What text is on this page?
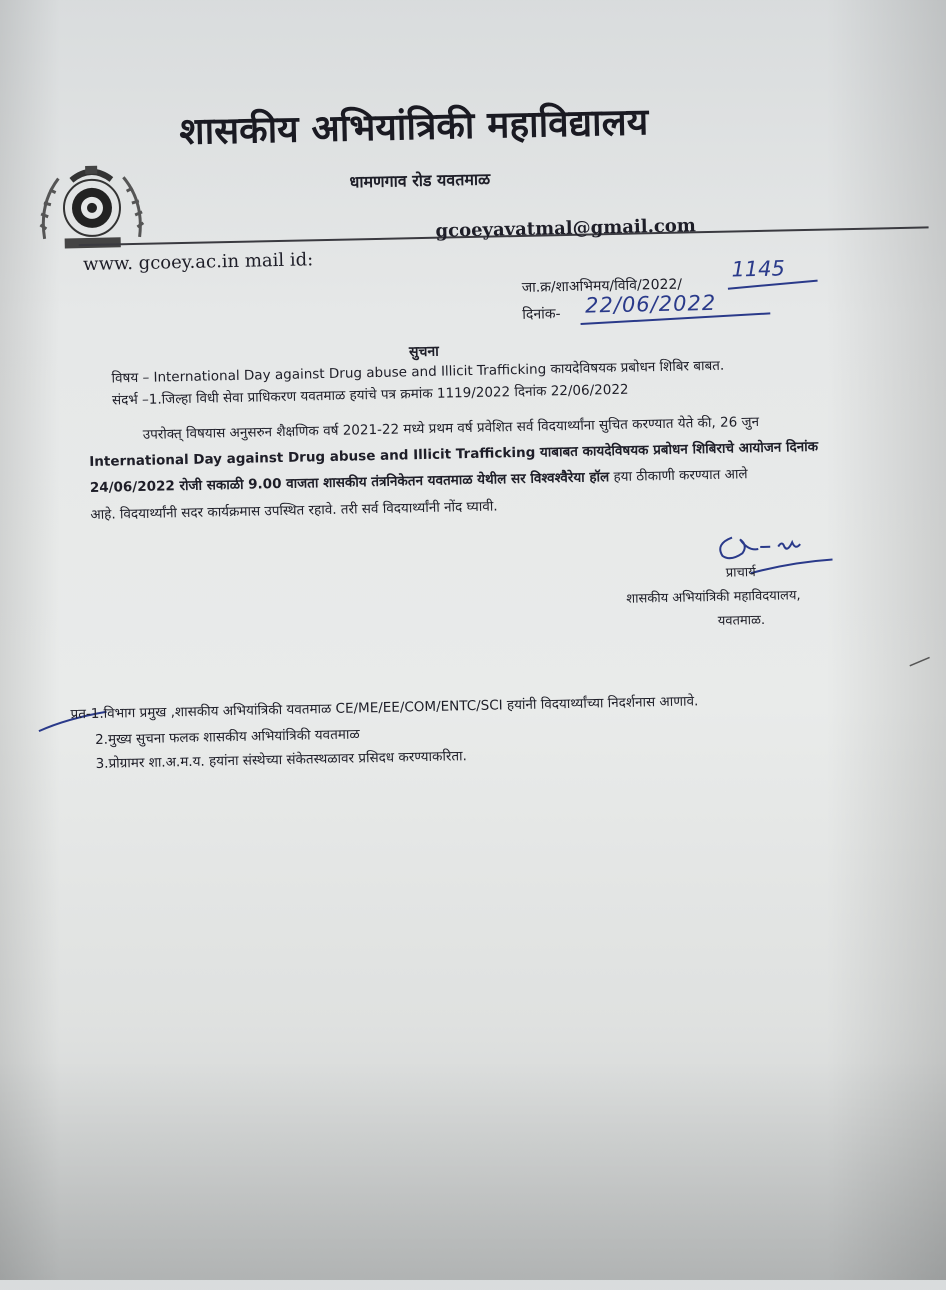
शासकीय अभियांत्रिकी महाविद्यालय
धामणगाव रोड यवतमाळ
gcoeyavatmal@gmail.com
www. gcoey.ac.in mail id:
जा.क्र/शाअभिमय/विवि/2022/
1145
दिनांक- 22/06/2022
सुचना
विषय – International Day against Drug abuse and Illicit Trafficking कायदेविषयक प्रबोधन शिबिर बाबत.
संदर्भ –1.जिल्हा विधी सेवा प्राधिकरण यवतमाळ हयांचे पत्र क्रमांक 1119/2022 दिनांक 22/06/2022
उपरोक्त् विषयास अनुसरुन शैक्षणिक वर्ष 2021-22 मध्ये प्रथम वर्ष प्रवेशित सर्व विदयार्थ्यांना सुचित करण्यात येते की, 26 जुन
International Day against Drug abuse and Illicit Trafficking याबाबत कायदेविषयक प्रबोधन शिबिराचे आयोजन दिनांक
24/06/2022 रोजी सकाळी 9.00 वाजता शासकीय तंत्रनिकेतन यवतमाळ येथील सर विश्वश्वैरेया हॉल हया ठीकाणी करण्यात आले
आहे. विदयार्थ्यांनी सदर कार्यक्रमास उपस्थित रहावे. तरी सर्व विदयार्थ्यांनी नोंद घ्यावी.
प्राचार्य
शासकीय अभियांत्रिकी महाविदयालय,
यवतमाळ.
प्रत-1.विभाग प्रमुख ,शासकीय अभियांत्रिकी यवतमाळ CE/ME/EE/COM/ENTC/SCI हयांनी विदयार्थ्यांच्या निदर्शनास आणावे.
2.मुख्य सुचना फलक शासकीय अभियांत्रिकी यवतमाळ
3.प्रोग्रामर शा.अ.म.य. हयांना संस्थेच्या संकेतस्थळावर प्रसिदध करण्याकरिता.
